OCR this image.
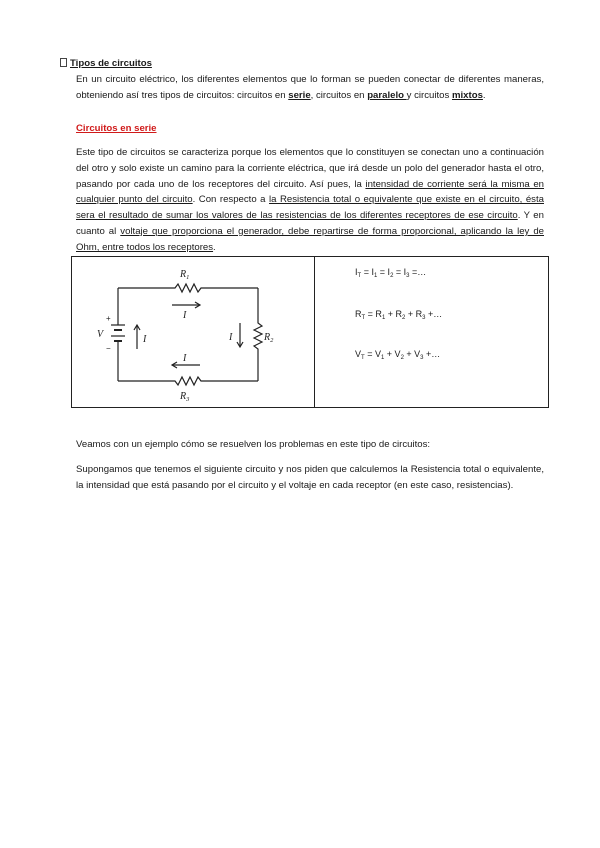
Tipos de circuitos
En un circuito eléctrico, los diferentes elementos que lo forman se pueden conectar de diferentes maneras, obteniendo así tres tipos de circuitos: circuitos en serie, circuitos en paralelo y circuitos mixtos.
Circuitos en serie
Este tipo de circuitos se caracteriza porque los elementos que lo constituyen se conectan uno a continuación del otro y solo existe un camino para la corriente eléctrica, que irá desde un polo del generador hasta el otro, pasando por cada uno de los receptores del circuito. Así pues, la intensidad de corriente será la misma en cualquier punto del circuito. Con respecto a la Resistencia total o equivalente que existe en el circuito, ésta sera el resultado de sumar los valores de las resistencias de los diferentes receptores de ese circuito. Y en cuanto al voltaje que proporciona el generador, debe repartirse de forma proporcional, aplicando la ley de Ohm, entre todos los receptores.
$R_1$
$R_2$
$R_3$
V
I
I
I	I
+
−
$I_T = I_1 = I_2 = I_3$ =…
$R_T = R_1 + R_2 + R_3$ +…
$V_T = V_1 + V_2 + V_3$ +…
Veamos con un ejemplo cómo se resuelven los problemas en este tipo de circuitos:
Supongamos que tenemos el siguiente circuito y nos piden que calculemos la Resistencia total o equivalente, la intensidad que está pasando por el circuito y el voltaje en cada receptor (en este caso, resistencias).
